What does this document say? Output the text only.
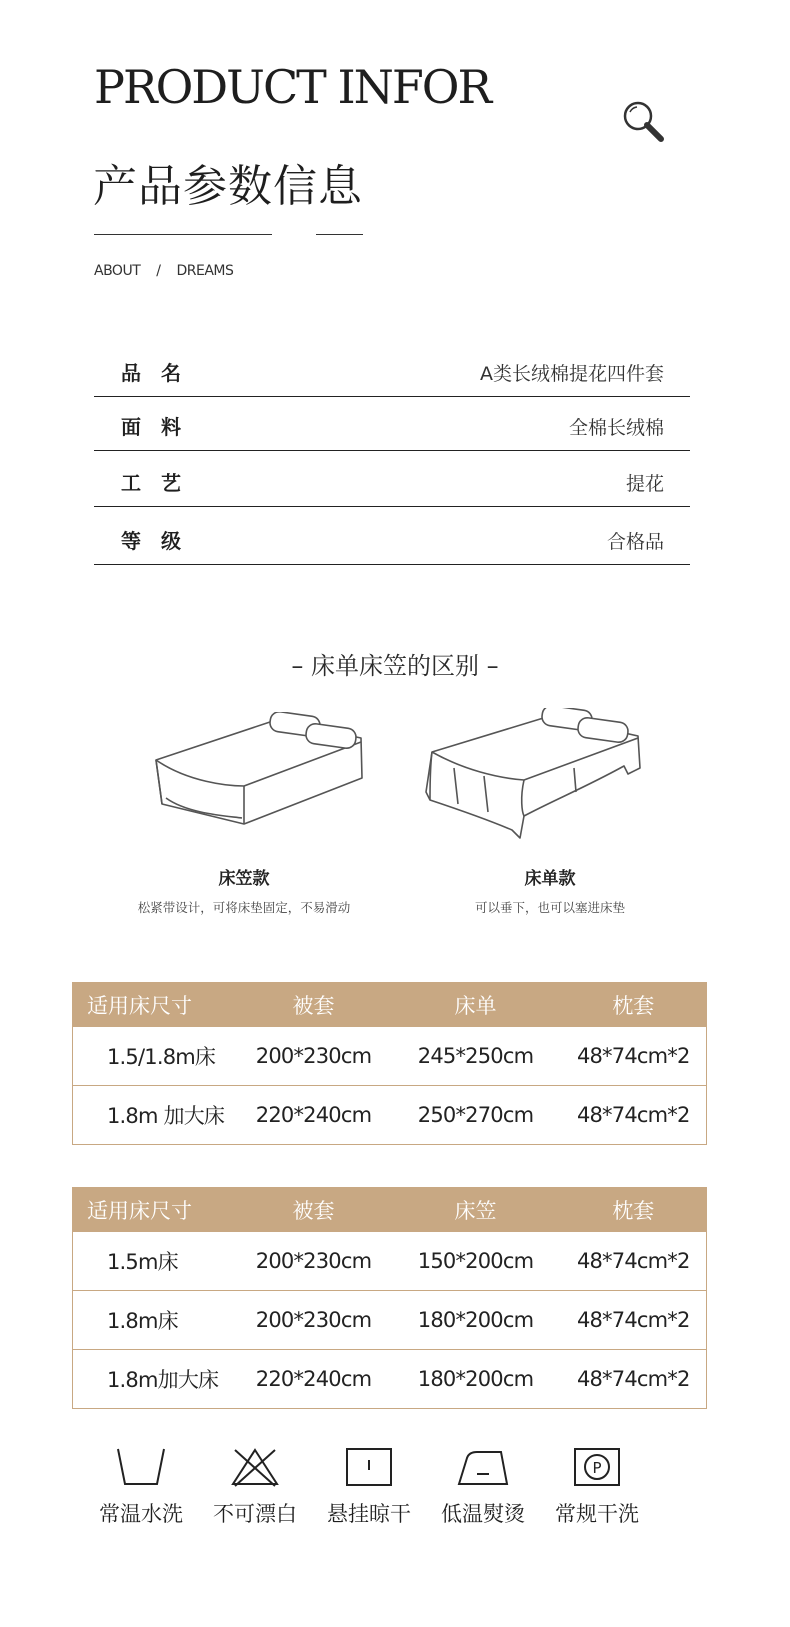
PRODUCT INFOR
产品参数信息
ABOUT / DREAMS
品名	A类长绒棉提花四件套
面料	全棉长绒棉
工艺	提花
等级	合格品
– 床单床笠的区别 –
床笠款
松紧带设计，可将床垫固定，不易滑动
床单款
可以垂下，也可以塞进床垫
适用床尺寸	被套	床单	枕套
1.5/1.8m床	200*230cm	245*250cm	48*74cm*2
1.8m 加大床	220*240cm	250*270cm	48*74cm*2
适用床尺寸	被套	床笠	枕套
1.5m床	200*230cm	150*200cm	48*74cm*2
1.8m床	200*230cm	180*200cm	48*74cm*2
1.8m加大床	220*240cm	180*200cm	48*74cm*2
常温水洗	不可漂白	悬挂晾干	低温熨烫
P
常规干洗
